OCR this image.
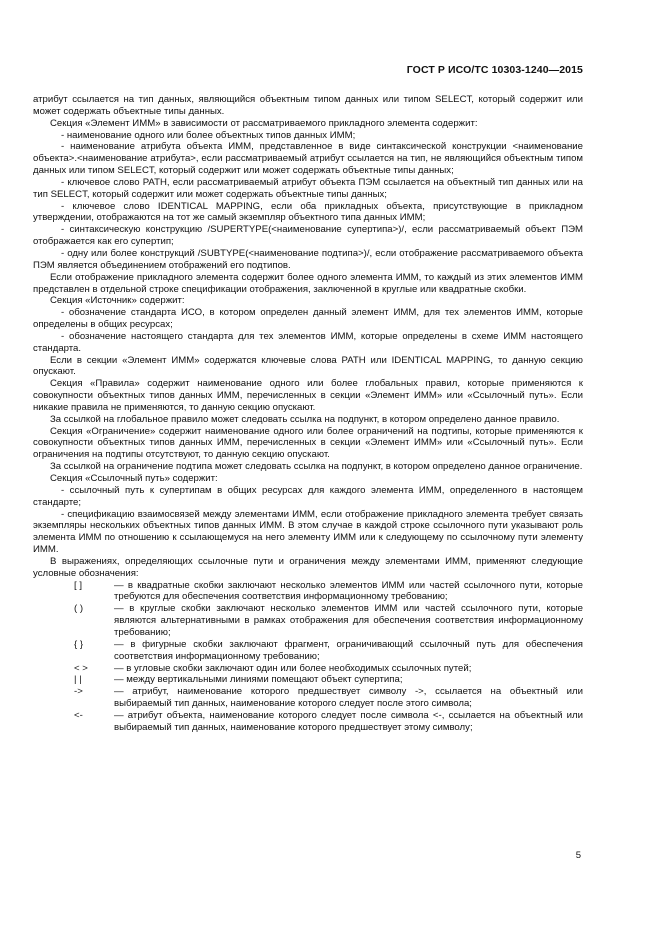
ГОСТ Р ИСО/ТС 10303-1240—2015

атрибут ссылается на тип данных, являющийся объектным типом данных или типом SELECT, который содержит или может содержать объектные типы данных.

Секция «Элемент ИММ» в зависимости от рассматриваемого прикладного элемента содержит:

- наименование одного или более объектных типов данных ИММ;

- наименование атрибута объекта ИММ, представленное в виде синтаксической конструкции <наименование объекта>.<наименование атрибута>, если рассматриваемый атрибут ссылается на тип, не являющийся объектным типом данных или типом SELECT, который содержит или может содержать объектные типы данных;

- ключевое слово PATH, если рассматриваемый атрибут объекта ПЭМ ссылается на объектный тип данных или на тип SELECT, который содержит или может содержать объектные типы данных;

- ключевое слово IDENTICAL MAPPING, если оба прикладных объекта, присутствующие в прикладном утверждении, отображаются на тот же самый экземпляр объектного типа данных ИММ;

- синтаксическую конструкцию /SUPERTYPE(<наименование супертипа>)/, если рассматриваемый объект ПЭМ отображается как его супертип;

- одну или более конструкций /SUBTYPE(<наименование подтипа>)/, если отображение рассматриваемого объекта ПЭМ является объединением отображений его подтипов.

Если отображение прикладного элемента содержит более одного элемента ИММ, то каждый из этих элементов ИММ представлен в отдельной строке спецификации отображения, заключенной в круглые или квадратные скобки.

Секция «Источник» содержит:

- обозначение стандарта ИСО, в котором определен данный элемент ИММ, для тех элементов ИММ, которые определены в общих ресурсах;

- обозначение настоящего стандарта для тех элементов ИММ, которые определены в схеме ИММ настоящего стандарта.

Если в секции «Элемент ИММ» содержатся ключевые слова PATH или IDENTICAL MAPPING, то данную секцию опускают.

Секция «Правила» содержит наименование одного или более глобальных правил, которые применяются к совокупности объектных типов данных ИММ, перечисленных в секции «Элемент ИММ» или «Ссылочный путь». Если никакие правила не применяются, то данную секцию опускают.

За ссылкой на глобальное правило может следовать ссылка на подпункт, в котором определено данное правило.

Секция «Ограничение» содержит наименование одного или более ограничений на подтипы, которые применяются к совокупности объектных типов данных ИММ, перечисленных в секции «Элемент ИММ» или «Ссылочный путь». Если ограничения на подтипы отсутствуют, то данную секцию опускают.

За ссылкой на ограничение подтипа может следовать ссылка на подпункт, в котором определено данное ограничение.

Секция «Ссылочный путь» содержит:

- ссылочный путь к супертипам в общих ресурсах для каждого элемента ИММ, определенного в настоящем стандарте;

- спецификацию взаимосвязей между элементами ИММ, если отображение прикладного элемента требует связать экземпляры нескольких объектных типов данных ИММ. В этом случае в каждой строке ссылочного пути указывают роль элемента ИММ по отношению к ссылающемуся на него элементу ИММ или к следующему по ссылочному пути элементу ИММ.

В выражениях, определяющих ссылочные пути и ограничения между элементами ИММ, применяют следующие условные обозначения:

[ ]	— в квадратные скобки заключают несколько элементов ИММ или частей ссылочного пути, которые требуются для обеспечения соответствия информационному требованию;
( )	— в круглые скобки заключают несколько элементов ИММ или частей ссылочного пути, которые являются альтернативными в рамках отображения для обеспечения соответствия информационному требованию;
{ }	— в фигурные скобки заключают фрагмент, ограничивающий ссылочный путь для обеспечения соответствия информационному требованию;
< >	— в угловые скобки заключают один или более необходимых ссылочных путей;
| |	— между вертикальными линиями помещают объект супертипа;
->	— атрибут, наименование которого предшествует символу ->, ссылается на объектный или выбираемый тип данных, наименование которого следует после этого символа;
<-	— атрибут объекта, наименование которого следует после символа <-, ссылается на объектный или выбираемый тип данных, наименование которого предшествует этому символу;
5
